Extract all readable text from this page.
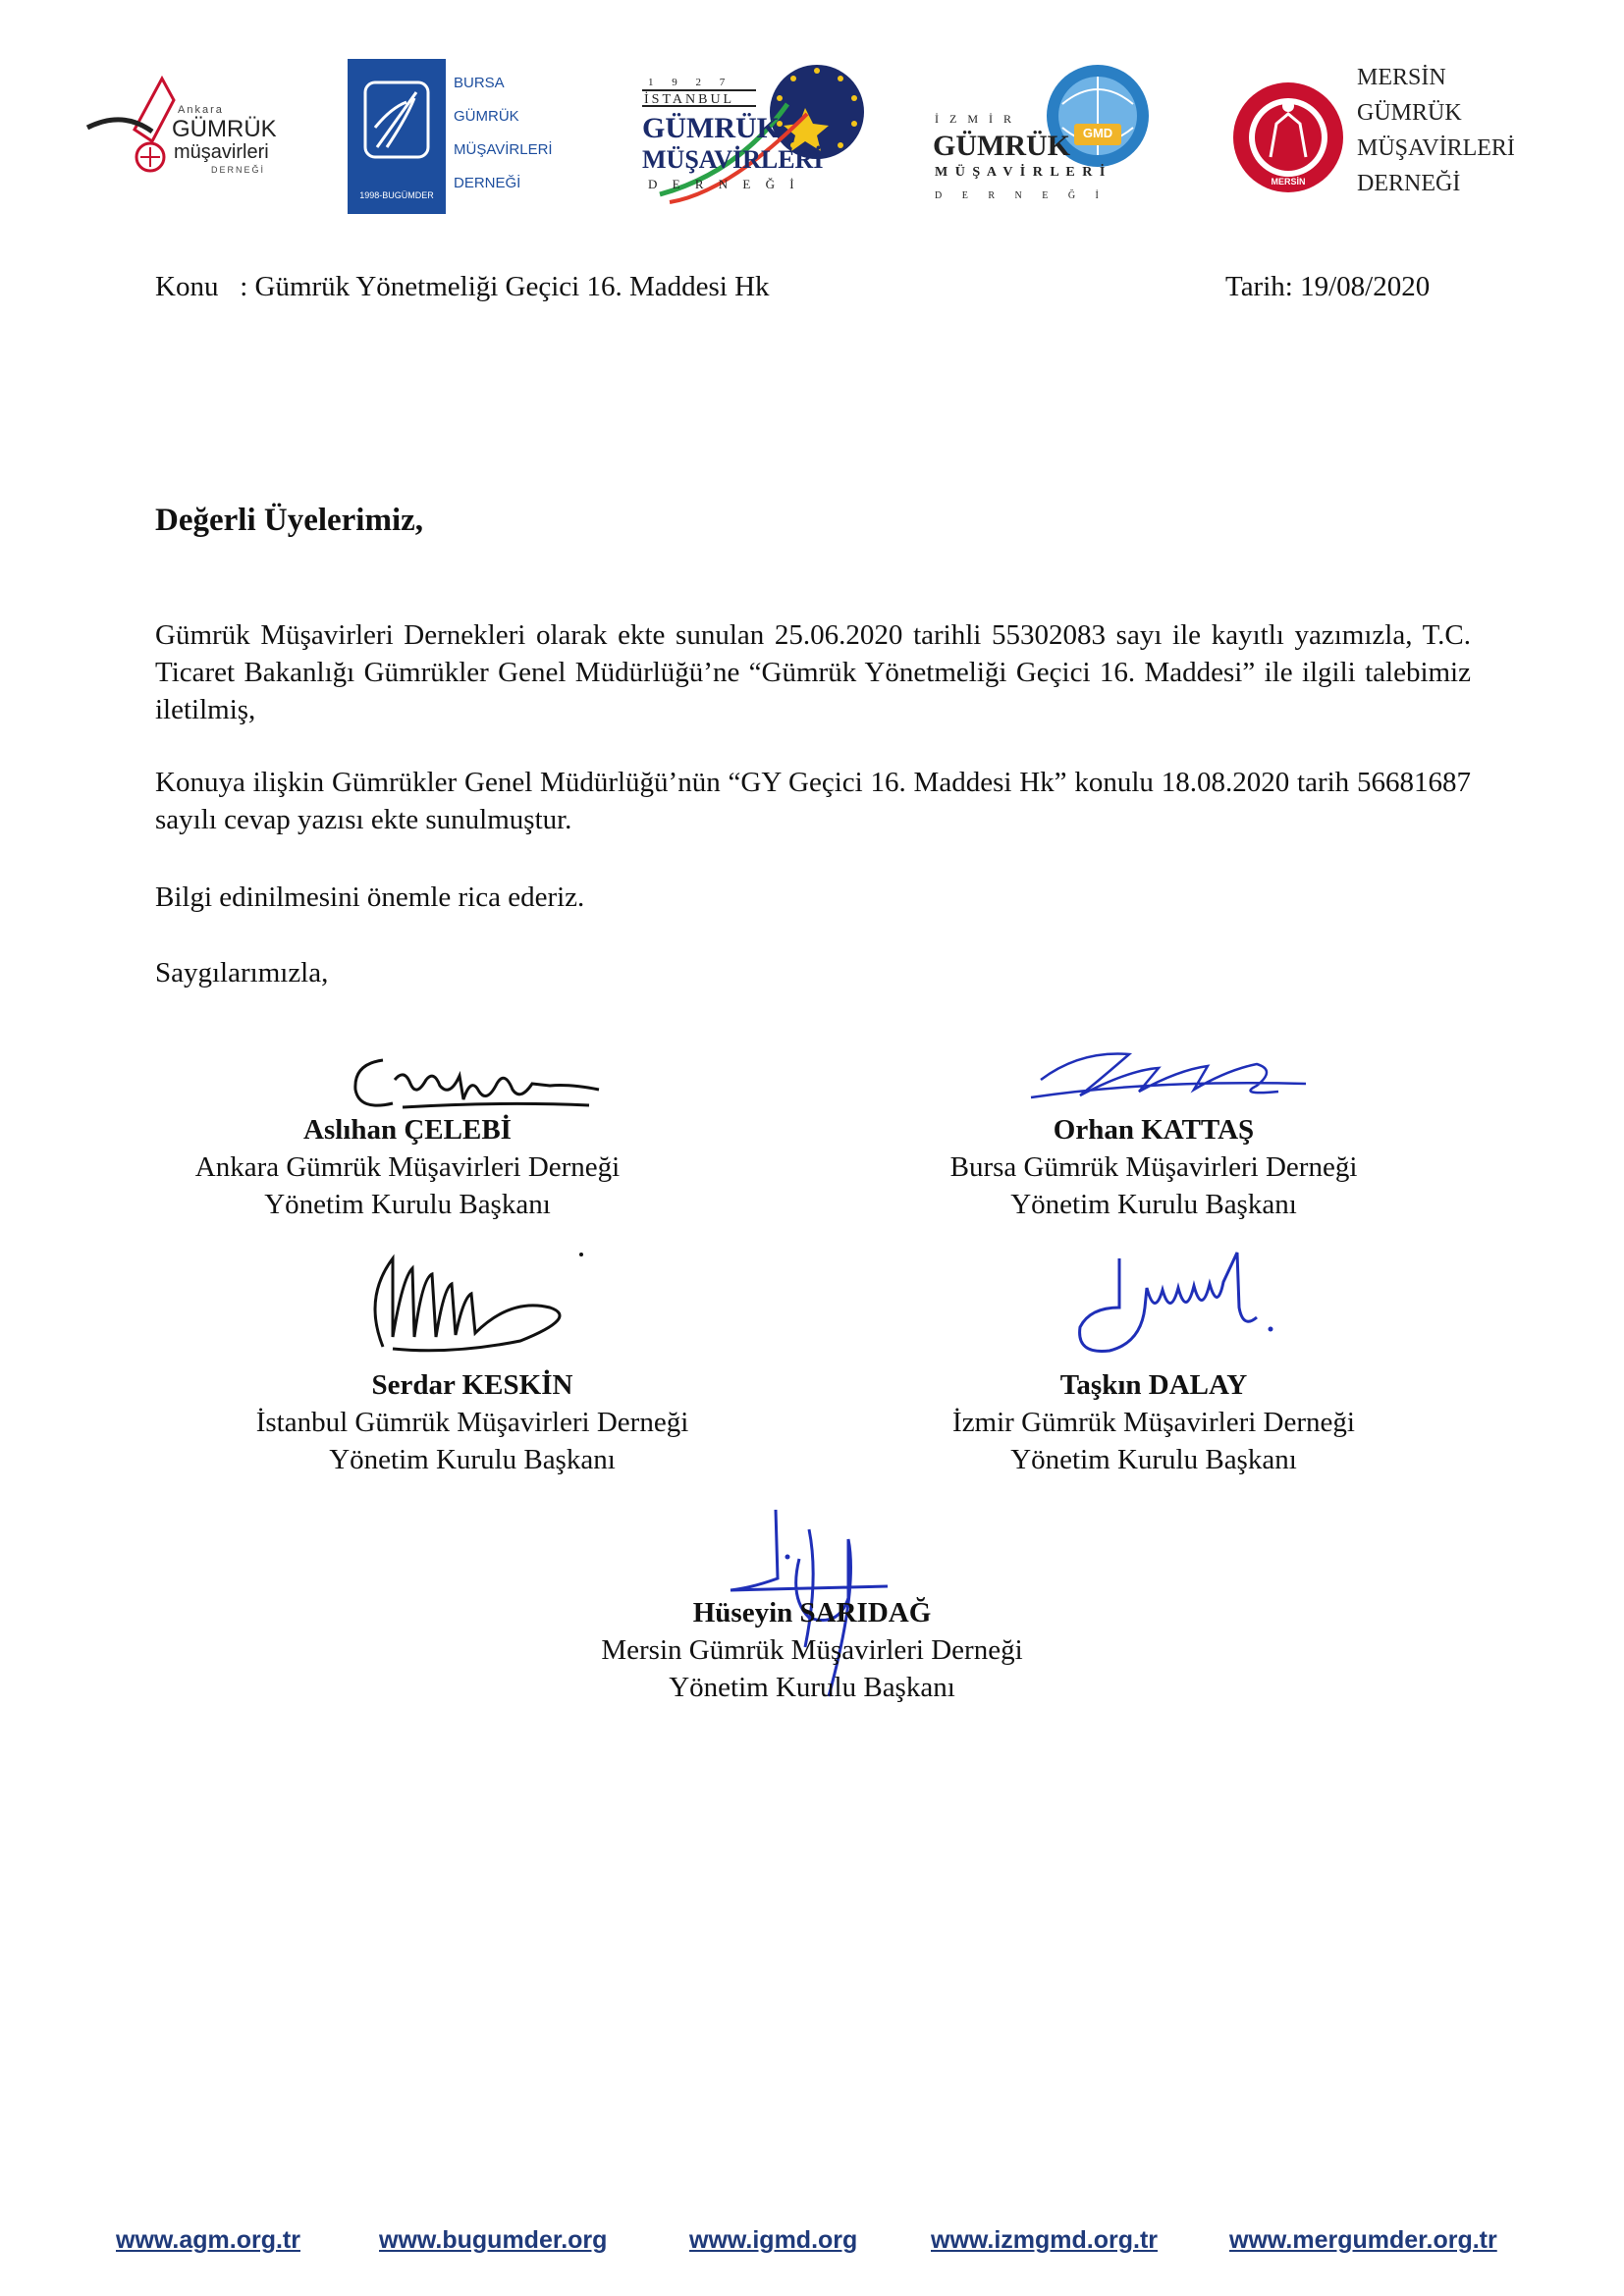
Ankara
GÜMRÜK
müşavirleri
DERNEĞİ
1998-BUGÜMDER
BURSA
GÜMRÜK
MÜŞAVİRLERİ
DERNEĞİ
1 9 2 7
İSTANBUL
GÜMRÜK
MÜŞAVİRLERİ
D E R N E Ğ İ
GMD
İ Z M İ R
GÜMRÜK
M Ü Ş A V İ R L E R İ
D E R N E Ğ İ
MERSİN
MERSİN
GÜMRÜK
MÜŞAVİRLERİ
DERNEĞİ
Konu   : Gümrük Yönetmeliği Geçici 16. Maddesi Hk	Tarih: 19/08/2020
Değerli Üyelerimiz,
Gümrük Müşavirleri Dernekleri olarak ekte sunulan 25.06.2020 tarihli 55302083 sayı ile kayıtlı yazımızla, T.C. Ticaret Bakanlığı Gümrükler Genel Müdürlüğü’ne “Gümrük Yönetmeliği Geçici 16. Maddesi” ile ilgili talebimiz iletilmiş,
Konuya ilişkin Gümrükler Genel Müdürlüğü’nün “GY Geçici 16. Maddesi Hk” konulu 18.08.2020 tarih 56681687 sayılı cevap yazısı ekte sunulmuştur.
Bilgi edinilmesini önemle rica ederiz.
Saygılarımızla,
Aslıhan ÇELEBİ
Ankara Gümrük Müşavirleri Derneği
Yönetim Kurulu Başkanı
Orhan KATTAŞ
Bursa Gümrük Müşavirleri Derneği
Yönetim Kurulu Başkanı
Serdar KESKİN
İstanbul Gümrük Müşavirleri Derneği
Yönetim Kurulu Başkanı
Taşkın DALAY
İzmir Gümrük Müşavirleri Derneği
Yönetim Kurulu Başkanı
Hüseyin SARIDAĞ
Mersin Gümrük Müşavirleri Derneği
Yönetim Kurulu Başkanı
www.agm.org.tr	www.bugumder.org	www.igmd.org	www.izmgmd.org.tr	www.mergumder.org.tr
